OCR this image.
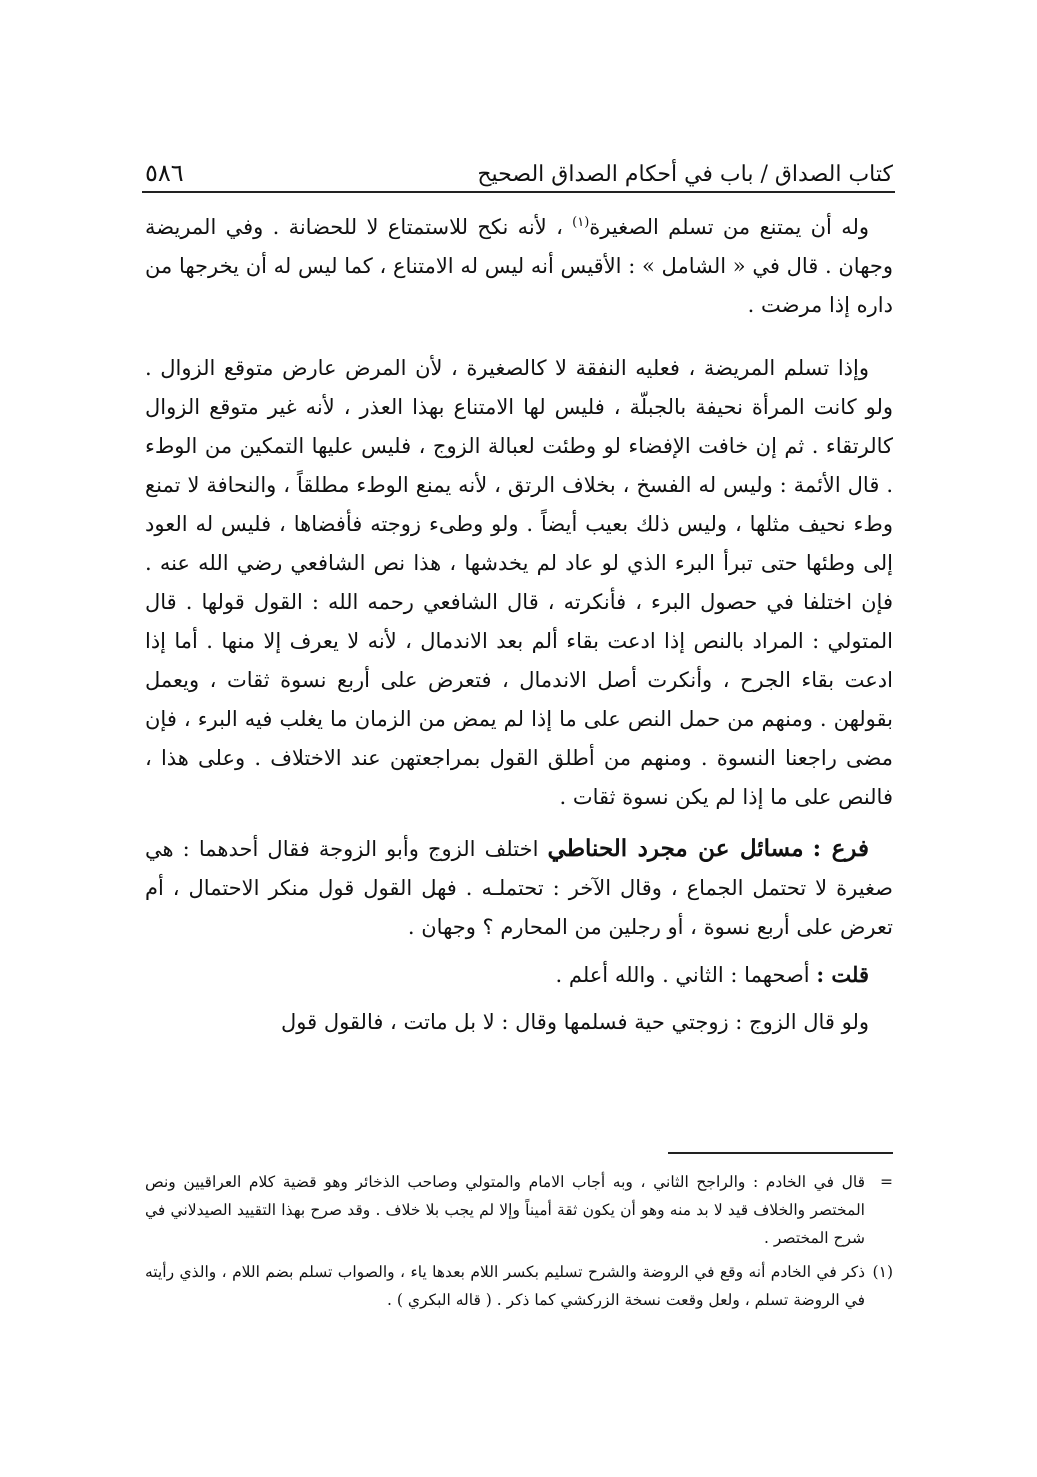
كتاب الصداق / باب في أحكام الصداق الصحيح
٥٨٦

وله أن يمتنع من تسلم الصغيرة$^{(١)}$ ، لأنه نكح للاستمتاع لا للحضانة . وفي المريضة وجهان . قال في « الشامل » : الأقيس أنه ليس له الامتناع ، كما ليس له أن يخرجها من داره إذا مرضت .

وإذا تسلم المريضة ، فعليه النفقة لا كالصغيرة ، لأن المرض عارض متوقع الزوال . ولو كانت المرأة نحيفة بالجبلّة ، فليس لها الامتناع بهذا العذر ، لأنه غير متوقع الزوال كالرتقاء . ثم إن خافت الإفضاء لو وطئت لعبالة الزوج ، فليس عليها التمكين من الوطء . قال الأئمة : وليس له الفسخ ، بخلاف الرتق ، لأنه يمنع الوطء مطلقاً ، والنحافة لا تمنع وطء نحيف مثلها ، وليس ذلك بعيب أيضاً . ولو وطىء زوجته فأفضاها ، فليس له العود إلى وطئها حتى تبرأ البرء الذي لو عاد لم يخدشها ، هذا نص الشافعي رضي الله عنه . فإن اختلفا في حصول البرء ، فأنكرته ، قال الشافعي رحمه الله : القول قولها . قال المتولي : المراد بالنص إذا ادعت بقاء ألم بعد الاندمال ، لأنه لا يعرف إلا منها . أما إذا ادعت بقاء الجرح ، وأنكرت أصل الاندمال ، فتعرض على أربع نسوة ثقات ، ويعمل بقولهن . ومنهم من حمل النص على ما إذا لم يمض من الزمان ما يغلب فيه البرء ، فإن مضى راجعنا النسوة . ومنهم من أطلق القول بمراجعتهن عند الاختلاف . وعلى هذا ، فالنص على ما إذا لم يكن نسوة ثقات .

فرع : مسائل عن مجرد الحناطي اختلف الزوج وأبو الزوجة فقال أحدهما : هي صغيرة لا تحتمل الجماع ، وقال الآخر : تحتملـه . فهل القول قول منكر الاحتمال ، أم تعرض على أربع نسوة ، أو رجلين من المحارم ؟ وجهان .

قلت : أصحهما : الثاني . والله أعلم .

ولو قال الزوج : زوجتي حية فسلمها وقال : لا بل ماتت ، فالقول قول

=
قال في الخادم : والراجح الثاني ، وبه أجاب الامام والمتولي وصاحب الذخائر وهو قضية كلام العراقيين ونص المختصر والخلاف قيد لا بد منه وهو أن يكون ثقة أميناً وإلا لم يجب بلا خلاف . وقد صرح بهذا التقييد الصيدلاني في شرح المختصر .
(١)
ذكر في الخادم أنه وقع في الروضة والشرح تسليم بكسر اللام بعدها ياء ، والصواب تسلم بضم اللام ، والذي رأيته في الروضة تسلم ، ولعل وقعت نسخة الزركشي كما ذكر . ( قاله البكري ) .
